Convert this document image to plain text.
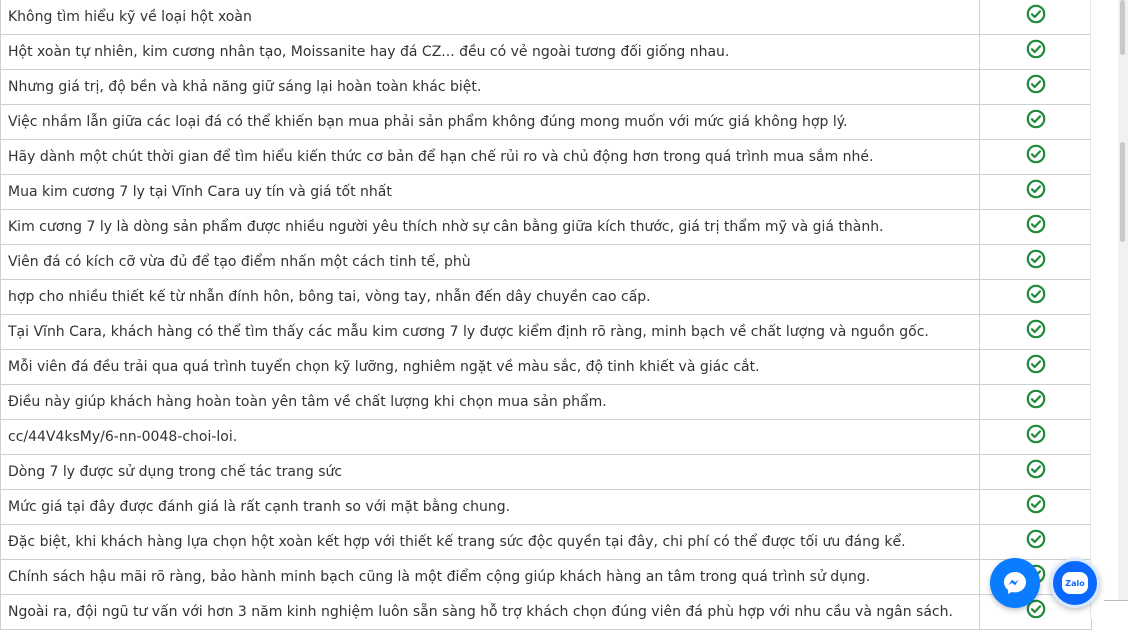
Không tìm hiểu kỹ về loại hột xoàn	
Hột xoàn tự nhiên, kim cương nhân tạo, Moissanite hay đá CZ... đều có vẻ ngoài tương đối giống nhau.	
Nhưng giá trị, độ bền và khả năng giữ sáng lại hoàn toàn khác biệt.	
Việc nhầm lẫn giữa các loại đá có thể khiến bạn mua phải sản phẩm không đúng mong muốn với mức giá không hợp lý.	
Hãy dành một chút thời gian để tìm hiểu kiến thức cơ bản để hạn chế rủi ro và chủ động hơn trong quá trình mua sắm nhé.	
Mua kim cương 7 ly tại Vĩnh Cara uy tín và giá tốt nhất	
Kim cương 7 ly là dòng sản phẩm được nhiều người yêu thích nhờ sự cân bằng giữa kích thước, giá trị thẩm mỹ và giá thành.	
Viên đá có kích cỡ vừa đủ để tạo điểm nhấn một cách tinh tế, phù	
hợp cho nhiều thiết kế từ nhẫn đính hôn, bông tai, vòng tay, nhẫn đến dây chuyền cao cấp.	
Tại Vĩnh Cara, khách hàng có thể tìm thấy các mẫu kim cương 7 ly được kiểm định rõ ràng, minh bạch về chất lượng và nguồn gốc.	
Mỗi viên đá đều trải qua quá trình tuyển chọn kỹ lưỡng, nghiêm ngặt về màu sắc, độ tinh khiết và giác cắt.	
Điều này giúp khách hàng hoàn toàn yên tâm về chất lượng khi chọn mua sản phẩm.	
cc/44V4ksMy/6-nn-0048-choi-loi.	
Dòng 7 ly được sử dụng trong chế tác trang sức	
Mức giá tại đây được đánh giá là rất cạnh tranh so với mặt bằng chung.	
Đặc biệt, khi khách hàng lựa chọn hột xoàn kết hợp với thiết kế trang sức độc quyền tại đây, chi phí có thể được tối ưu đáng kể.	
Chính sách hậu mãi rõ ràng, bảo hành minh bạch cũng là một điểm cộng giúp khách hàng an tâm trong quá trình sử dụng.	
Ngoài ra, đội ngũ tư vấn với hơn 3 năm kinh nghiệm luôn sẵn sàng hỗ trợ khách chọn đúng viên đá phù hợp với nhu cầu và ngân sách.	
Zalo
